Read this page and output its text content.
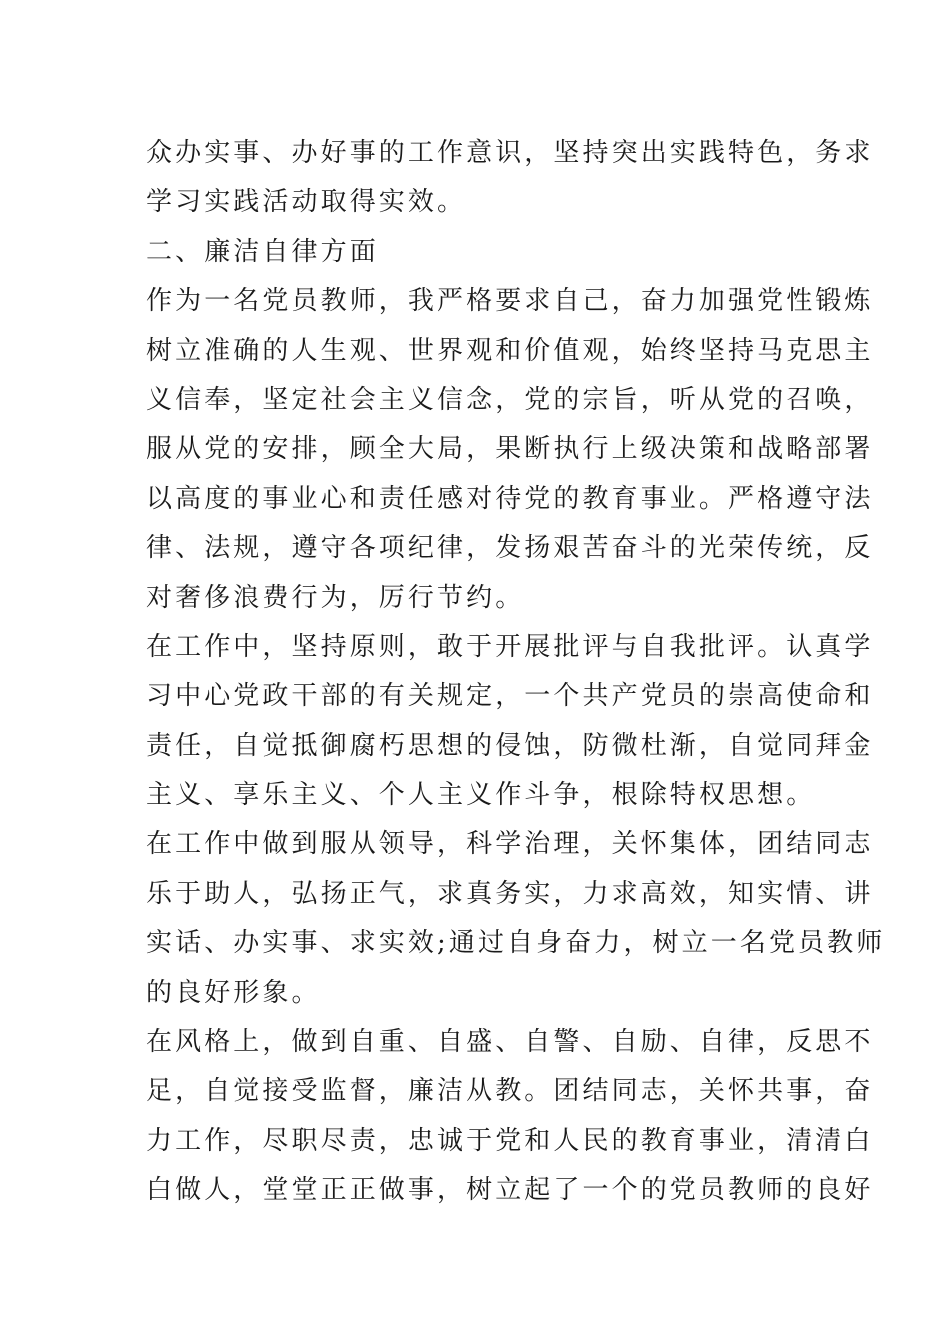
众办实事、办好事的工作意识，坚持突出实践特色，务求
学习实践活动取得实效。
二、廉洁自律方面
作为一名党员教师，我严格要求自己，奋力加强党性锻炼
树立准确的人生观、世界观和价值观，始终坚持马克思主
义信奉，坚定社会主义信念，党的宗旨，听从党的召唤，
服从党的安排，顾全大局，果断执行上级决策和战略部署
以高度的事业心和责任感对待党的教育事业。严格遵守法
律、法规，遵守各项纪律，发扬艰苦奋斗的光荣传统，反
对奢侈浪费行为，厉行节约。
在工作中，坚持原则，敢于开展批评与自我批评。认真学
习中心党政干部的有关规定，一个共产党员的崇高使命和
责任，自觉抵御腐朽思想的侵蚀，防微杜渐，自觉同拜金
主义、享乐主义、个人主义作斗争，根除特权思想。
在工作中做到服从领导，科学治理，关怀集体，团结同志
乐于助人，弘扬正气，求真务实，力求高效，知实情、讲
实话、办实事、求实效;通过自身奋力，树立一名党员教师
的良好形象。
在风格上，做到自重、自盛、自警、自励、自律，反思不
足，自觉接受监督，廉洁从教。团结同志，关怀共事，奋
力工作，尽职尽责，忠诚于党和人民的教育事业，清清白
白做人，堂堂正正做事，树立起了一个的党员教师的良好
